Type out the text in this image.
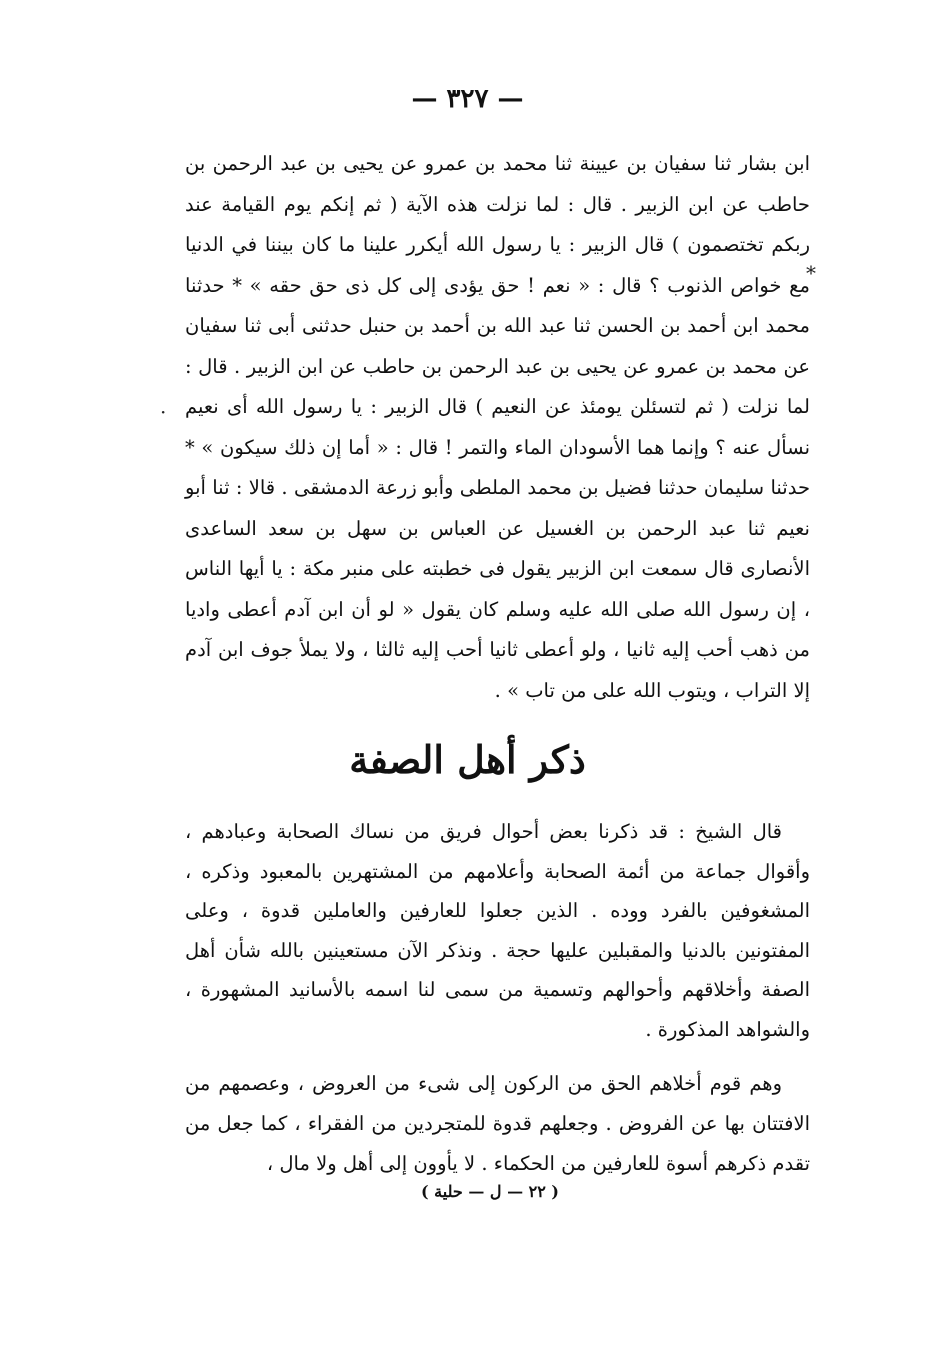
— ٣٢٧ —

ابن بشار ثنا سفيان بن عيينة ثنا محمد بن عمرو عن يحيى بن عبد الرحمن بن حاطب عن ابن الزبير . قال : لما نزلت هذه الآية ( ثم إنكم يوم القيامة عند ربكم تختصمون ) قال الزبير : يا رسول الله أيكرر علينا ما كان بيننا في الدنيا مع خواص الذنوب ؟ قال : « نعم ! حق يؤدى إلى كل ذى حق حقه » * حدثنا محمد ابن أحمد بن الحسن ثنا عبد الله بن أحمد بن حنبل حدثنى أبى ثنا سفيان عن محمد بن عمرو عن يحيى بن عبد الرحمن بن حاطب عن ابن الزبير . قال : لما نزلت ( ثم لتسئلن يومئذ عن النعيم ) قال الزبير : يا رسول الله أى نعيم نسأل عنه ؟ وإنما هما الأسودان الماء والتمر ! قال : « أما إن ذلك سيكون » * حدثنا سليمان حدثنا فضيل بن محمد الملطى وأبو زرعة الدمشقى . قالا : ثنا أبو نعيم ثنا عبد الرحمن بن الغسيل عن العباس بن سهل بن سعد الساعدى الأنصارى قال سمعت ابن الزبير يقول فى خطبته على منبر مكة : يا أيها الناس ، إن رسول الله صلى الله عليه وسلم كان يقول « لو أن ابن آدم أعطى واديا من ذهب أحب إليه ثانيا ، ولو أعطى ثانيا أحب إليه ثالثا ، ولا يملأ جوف ابن آدم إلا التراب ، ويتوب الله على من تاب » .

⁎
·
ذكر أهل الصفة

قال الشيخ : قد ذكرنا بعض أحوال فريق من نساك الصحابة وعبادهم ، وأقوال جماعة من أئمة الصحابة وأعلامهم من المشتهرين بالمعبود وذكره ، المشغوفين بالفرد ووده . الذين جعلوا للعارفين والعاملين قدوة ، وعلى المفتونين بالدنيا والمقبلين عليها حجة . ونذكر الآن مستعينين بالله شأن أهل الصفة وأخلاقهم وأحوالهم وتسمية من سمى لنا اسمه بالأسانيد المشهورة ، والشواهد المذكورة .

وهم قوم أخلاهم الحق من الركون إلى شىء من العروض ، وعصمهم من الافتتان بها عن الفروض . وجعلهم قدوة للمتجردين من الفقراء ، كما جعل من تقدم ذكرهم أسوة للعارفين من الحكماء . لا يأوون إلى أهل ولا مال ،

( ٢٢ — ل — حلية )
